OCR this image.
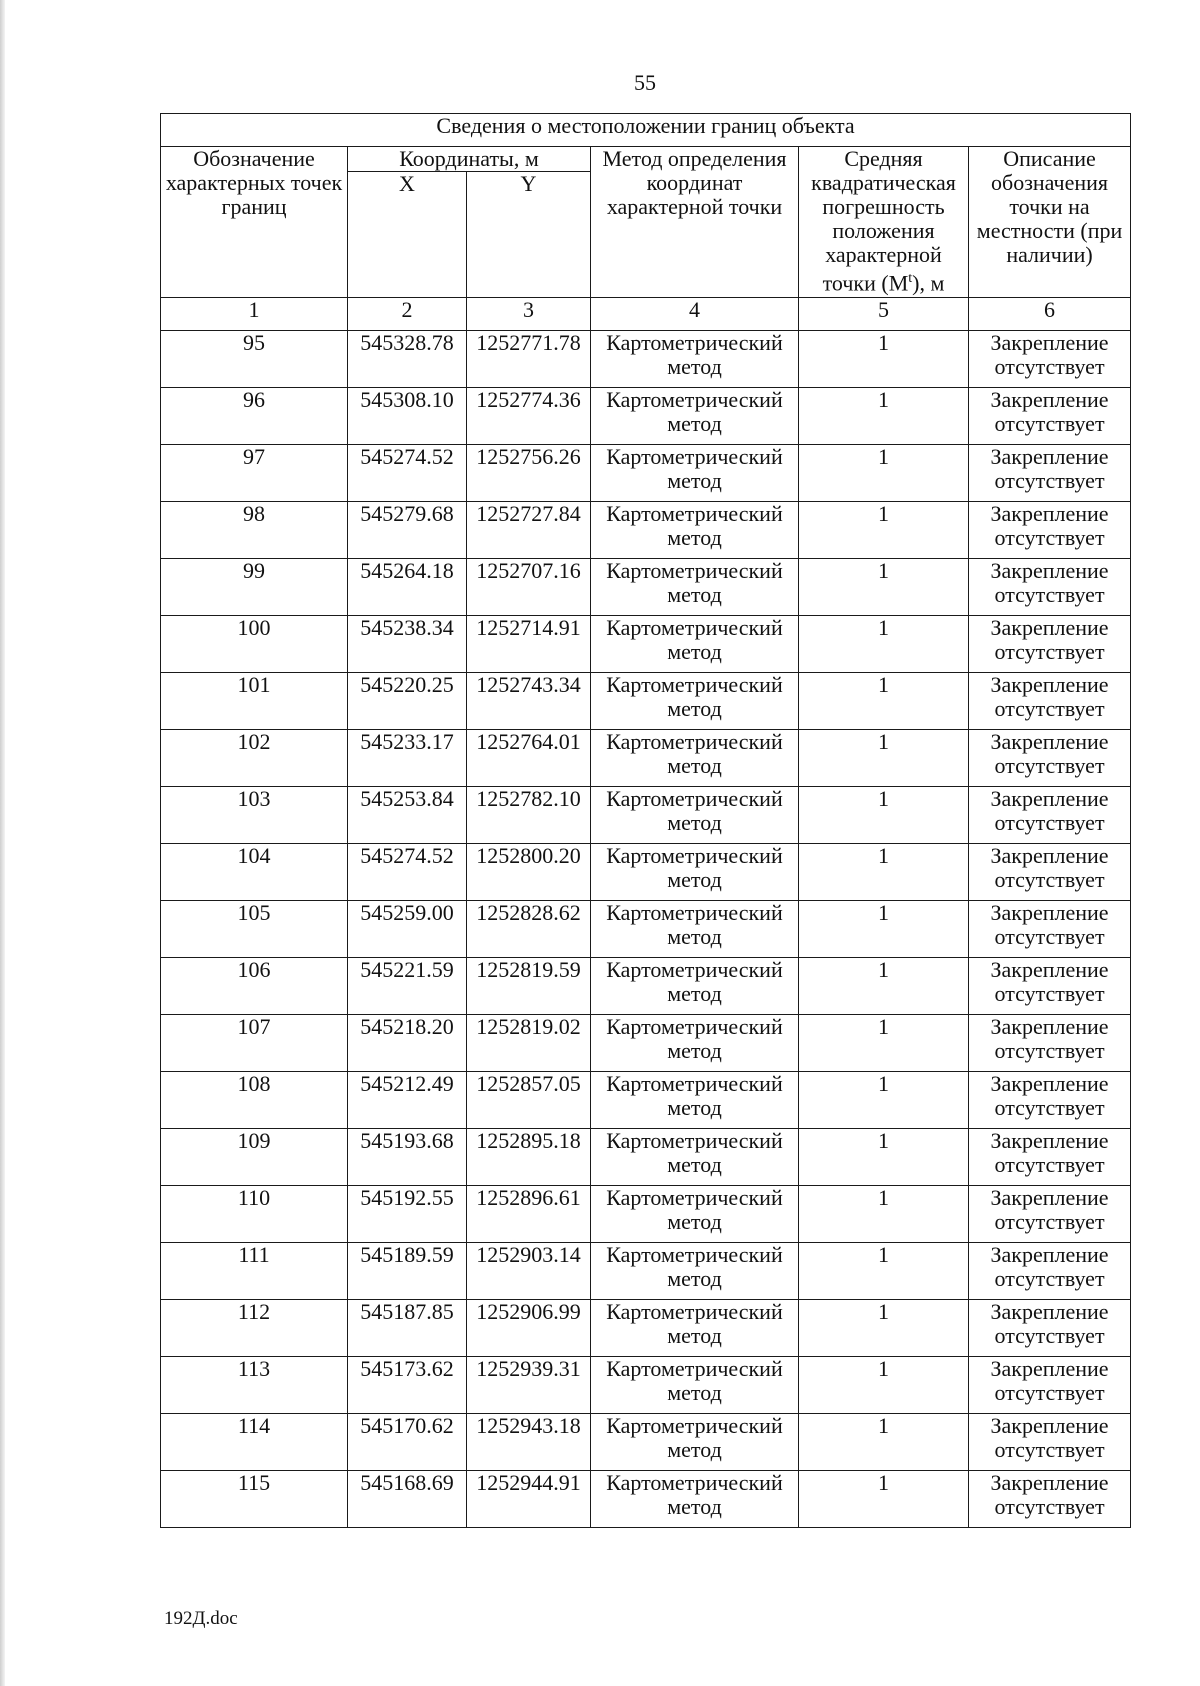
55
Сведения о местоположении границ объекта					
Обозначение характерных точек границ	Координаты, м		Метод определения координат характерной точки	Средняя квадратическая погрешность положения характерной точки $(М^t)$, м	Описание обозначения точки на местности (при наличии)
	X	Y			
1	2	3	4	5	6
95	545328.78	1252771.78	Картометрический метод	1	Закрепление отсутствует
96	545308.10	1252774.36	Картометрический метод	1	Закрепление отсутствует
97	545274.52	1252756.26	Картометрический метод	1	Закрепление отсутствует
98	545279.68	1252727.84	Картометрический метод	1	Закрепление отсутствует
99	545264.18	1252707.16	Картометрический метод	1	Закрепление отсутствует
100	545238.34	1252714.91	Картометрический метод	1	Закрепление отсутствует
101	545220.25	1252743.34	Картометрический метод	1	Закрепление отсутствует
102	545233.17	1252764.01	Картометрический метод	1	Закрепление отсутствует
103	545253.84	1252782.10	Картометрический метод	1	Закрепление отсутствует
104	545274.52	1252800.20	Картометрический метод	1	Закрепление отсутствует
105	545259.00	1252828.62	Картометрический метод	1	Закрепление отсутствует
106	545221.59	1252819.59	Картометрический метод	1	Закрепление отсутствует
107	545218.20	1252819.02	Картометрический метод	1	Закрепление отсутствует
108	545212.49	1252857.05	Картометрический метод	1	Закрепление отсутствует
109	545193.68	1252895.18	Картометрический метод	1	Закрепление отсутствует
110	545192.55	1252896.61	Картометрический метод	1	Закрепление отсутствует
111	545189.59	1252903.14	Картометрический метод	1	Закрепление отсутствует
112	545187.85	1252906.99	Картометрический метод	1	Закрепление отсутствует
113	545173.62	1252939.31	Картометрический метод	1	Закрепление отсутствует
114	545170.62	1252943.18	Картометрический метод	1	Закрепление отсутствует
115	545168.69	1252944.91	Картометрический метод	1	Закрепление отсутствует
192Д.doc
